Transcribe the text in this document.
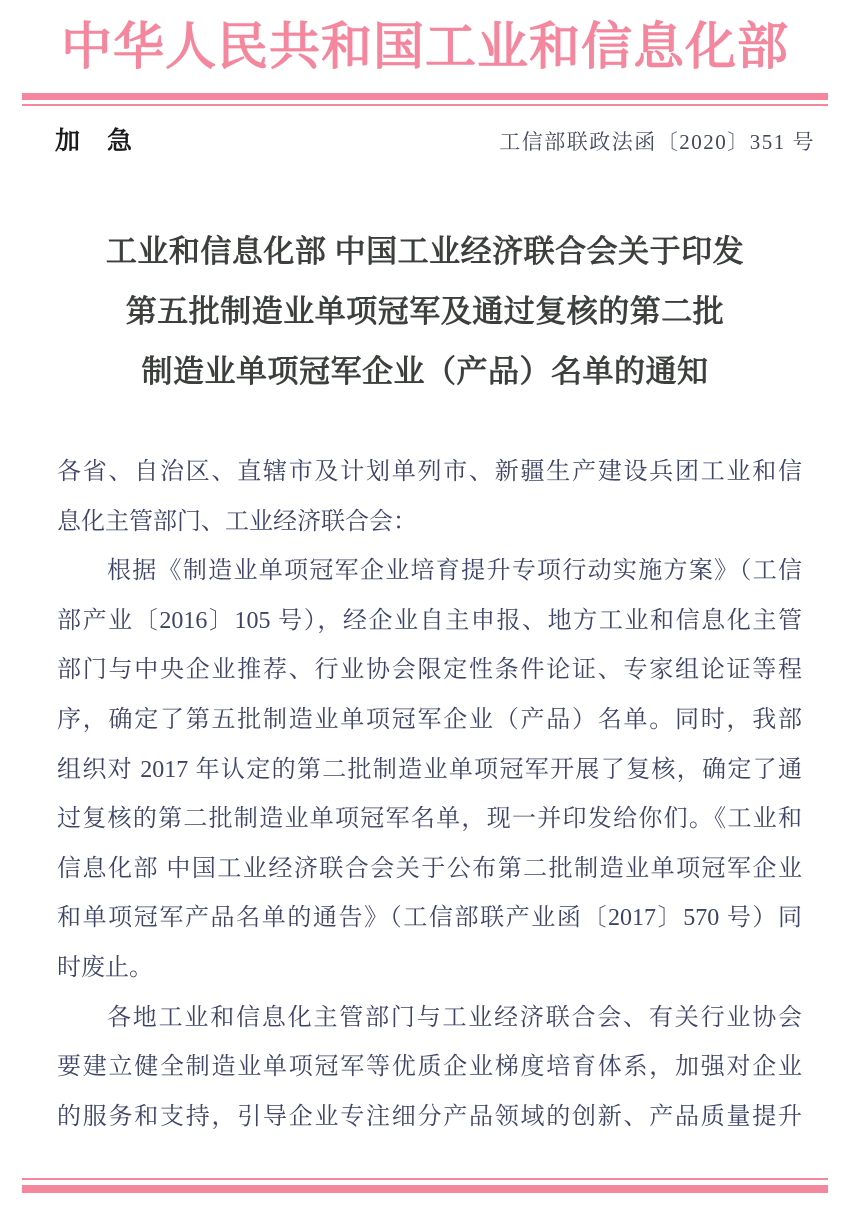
中华人民共和国工业和信息化部
加　急	工信部联政法函〔2020〕351 号
工业和信息化部 中国工业经济联合会关于印发
第五批制造业单项冠军及通过复核的第二批
制造业单项冠军企业（产品）名单的通知
各省、自治区、直辖市及计划单列市、新疆生产建设兵团工业和信
息化主管部门、工业经济联合会：
根据《制造业单项冠军企业培育提升专项行动实施方案》（工信
部产业〔2016〕105 号），经企业自主申报、地方工业和信息化主管
部门与中央企业推荐、行业协会限定性条件论证、专家组论证等程
序，确定了第五批制造业单项冠军企业（产品）名单。同时，我部
组织对 2017 年认定的第二批制造业单项冠军开展了复核，确定了通
过复核的第二批制造业单项冠军名单，现一并印发给你们。《工业和
信息化部 中国工业经济联合会关于公布第二批制造业单项冠军企业
和单项冠军产品名单的通告》（工信部联产业函〔2017〕570 号）同
时废止。
各地工业和信息化主管部门与工业经济联合会、有关行业协会
要建立健全制造业单项冠军等优质企业梯度培育体系，加强对企业
的服务和支持，引导企业专注细分产品领域的创新、产品质量提升
